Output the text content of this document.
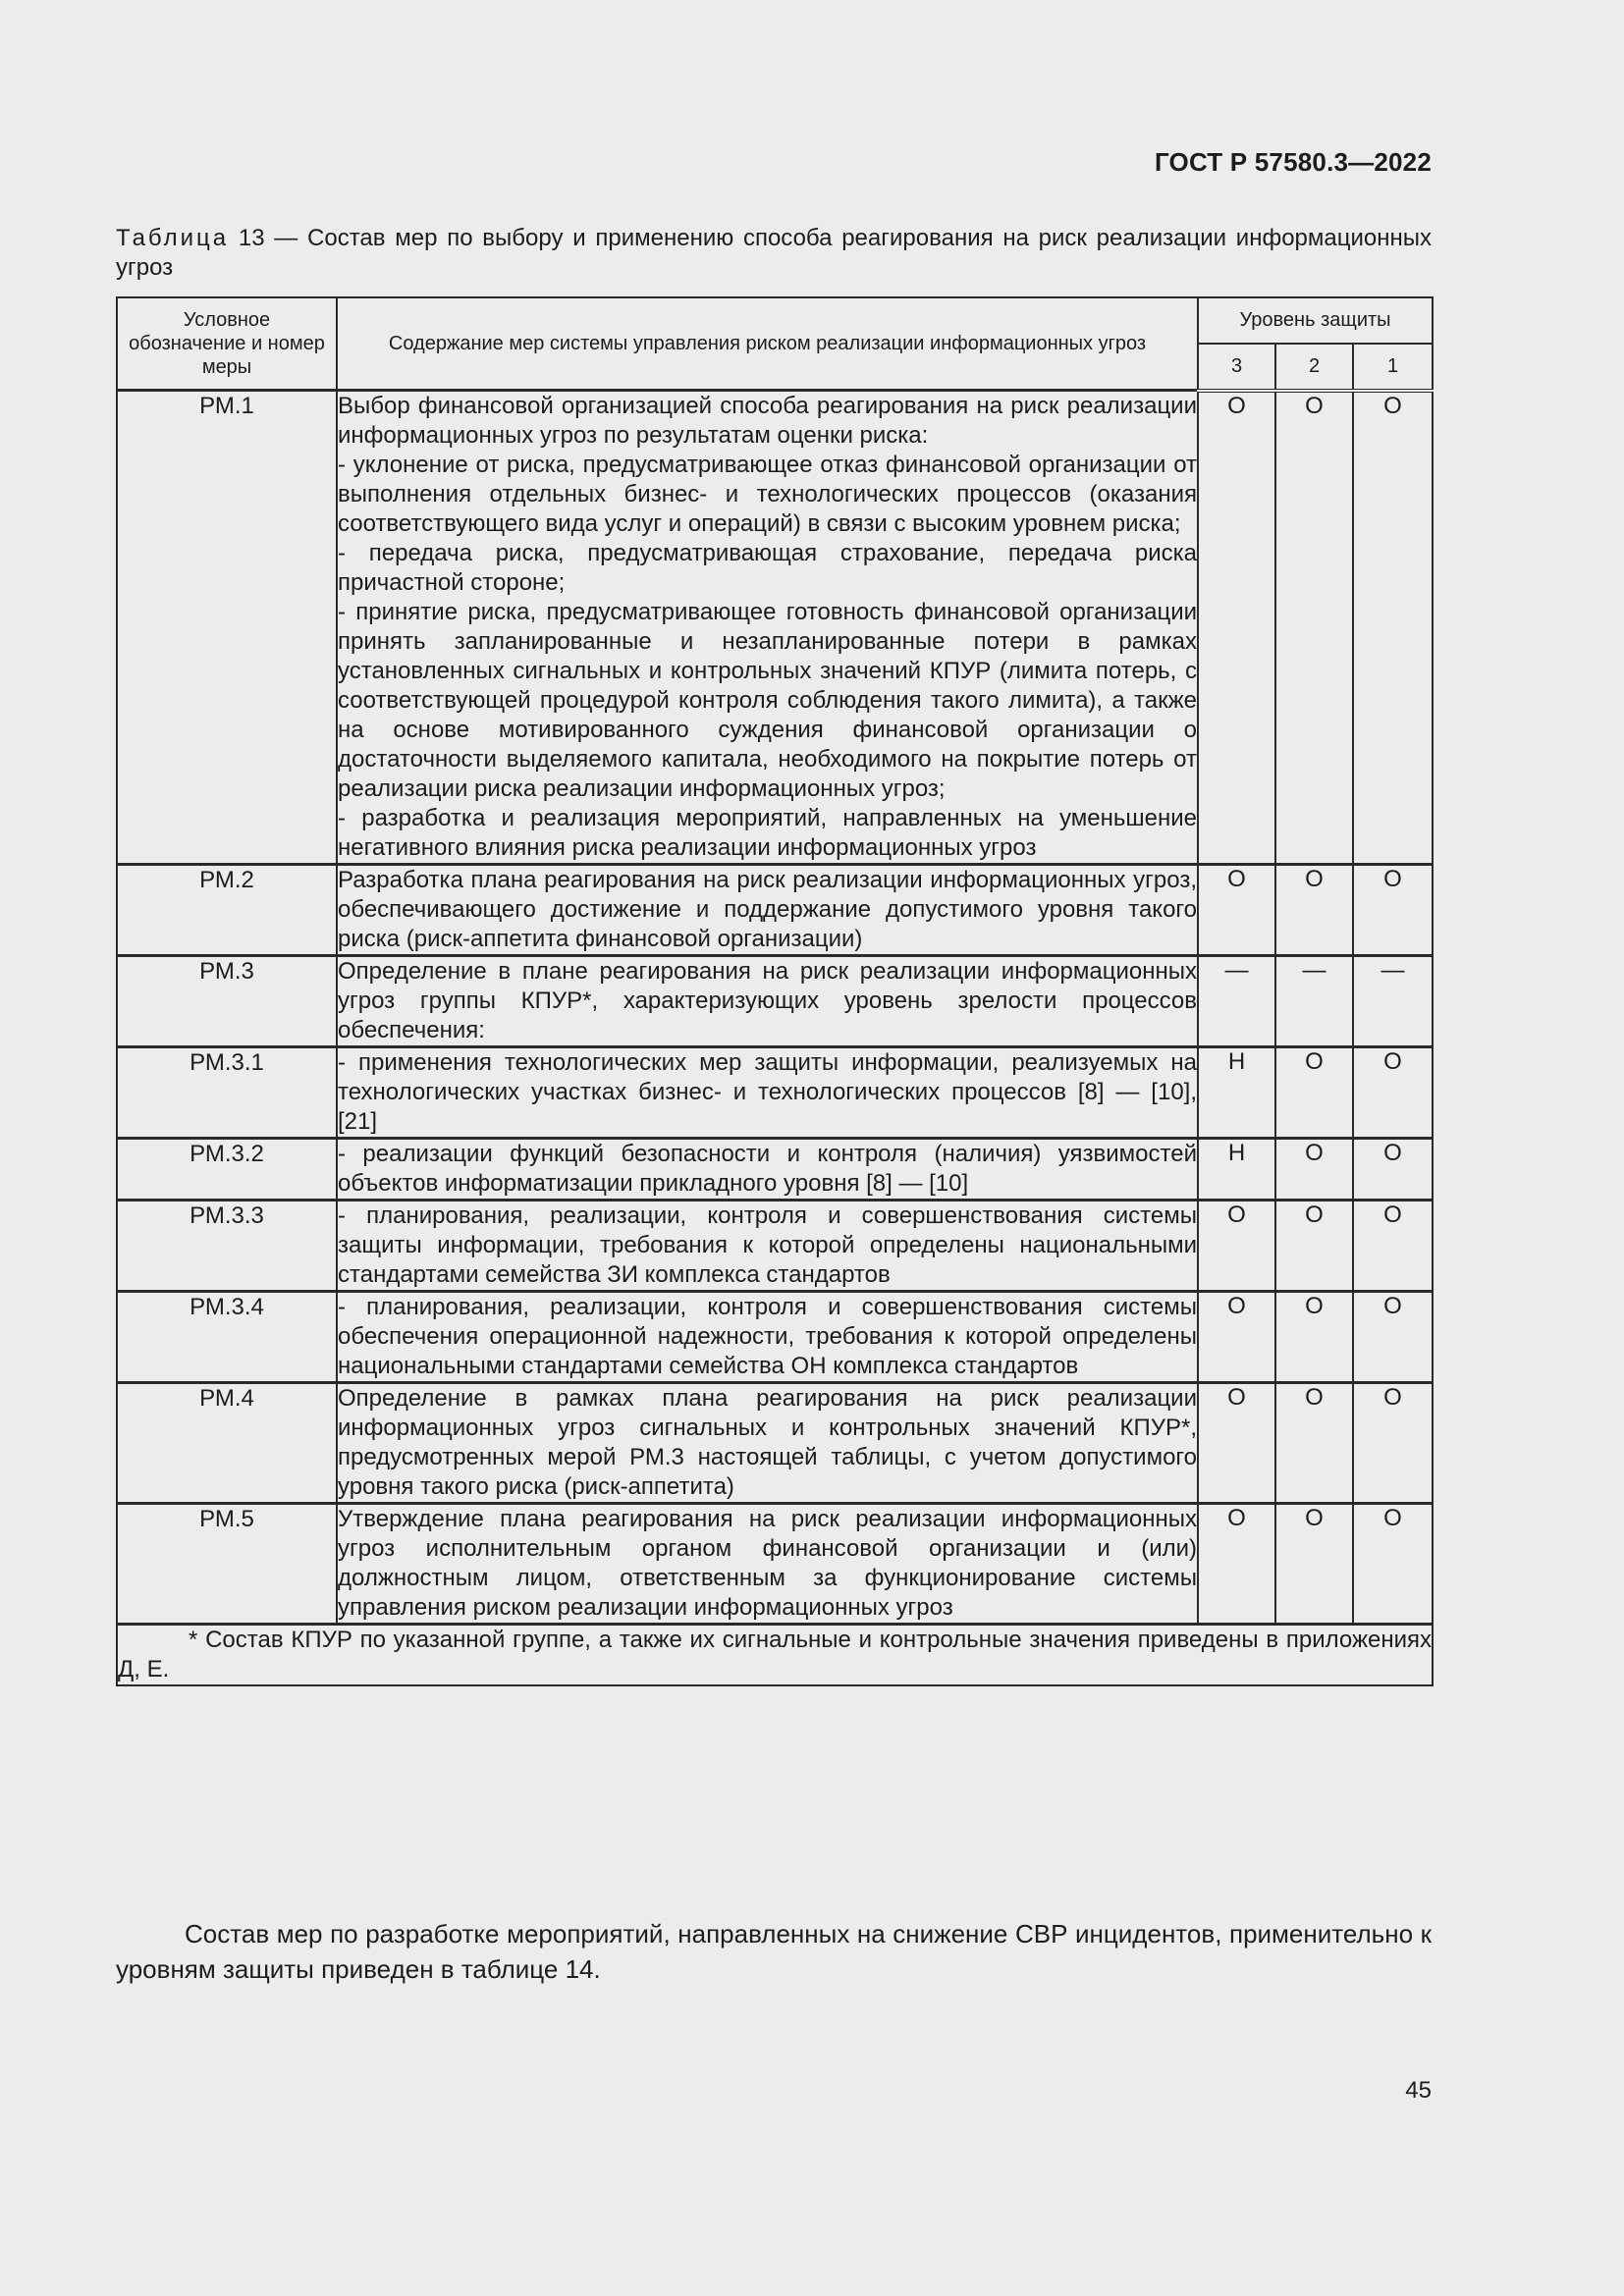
ГОСТ Р 57580.3—2022
Таблица 13 — Состав мер по выбору и применению способа реагирования на риск реализации информационных угроз
Условное обозначение и номер меры	Содержание мер системы управления риском реализации информационных угроз	Уровень защиты		
		3	2	1
РМ.1	Выбор финансовой организацией способа реагирования на риск реализации информационных угроз по результатам оценки риска:
- уклонение от риска, предусматривающее отказ финансовой организации от выполнения отдельных бизнес- и технологических процессов (оказания соответствующего вида услуг и операций) в связи с высоким уровнем риска;
- передача риска, предусматривающая страхование, передача риска причастной стороне;
- принятие риска, предусматривающее готовность финансовой организации принять запланированные и незапланированные потери в рамках установленных сигнальных и контрольных значений КПУР (лимита потерь, с соответствующей процедурой контроля соблюдения такого лимита), а также на основе мотивированного суждения финансовой организации о достаточности выделяемого капитала, необходимого на покрытие потерь от реализации риска реализации информационных угроз;
- разработка и реализация мероприятий, направленных на уменьшение негативного влияния риска реализации информационных угроз	О	О	О
РМ.2	Разработка плана реагирования на риск реализации информационных угроз, обеспечивающего достижение и поддержание допустимого уровня такого риска (риск-аппетита финансовой организации)	О	О	О
РМ.3	Определение в плане реагирования на риск реализации информационных угроз группы КПУР*, характеризующих уровень зрелости процессов обеспечения:	—	—	—
РМ.3.1	- применения технологических мер защиты информации, реализуемых на технологических участках бизнес- и технологических процессов [8] — [10], [21]	Н	О	О
РМ.3.2	- реализации функций безопасности и контроля (наличия) уязвимостей объектов информатизации прикладного уровня [8] — [10]	Н	О	О
РМ.3.3	- планирования, реализации, контроля и совершенствования системы защиты информации, требования к которой определены национальными стандартами семейства ЗИ комплекса стандартов	О	О	О
РМ.3.4	- планирования, реализации, контроля и совершенствования системы обеспечения операционной надежности, требования к которой определены национальными стандартами семейства ОН комплекса стандартов	О	О	О
РМ.4	Определение в рамках плана реагирования на риск реализации информационных угроз сигнальных и контрольных значений КПУР*, предусмотренных мерой РМ.3 настоящей таблицы, с учетом допустимого уровня такого риска (риск-аппетита)	О	О	О
РМ.5	Утверждение плана реагирования на риск реализации информационных угроз исполнительным органом финансовой организации и (или) должностным лицом, ответственным за функционирование системы управления риском реализации информационных угроз	О	О	О
* Состав КПУР по указанной группе, а также их сигнальные и контрольные значения приведены в приложениях Д, Е.				
Состав мер по разработке мероприятий, направленных на снижение СВР инцидентов, применительно к уровням защиты приведен в таблице 14.
45
